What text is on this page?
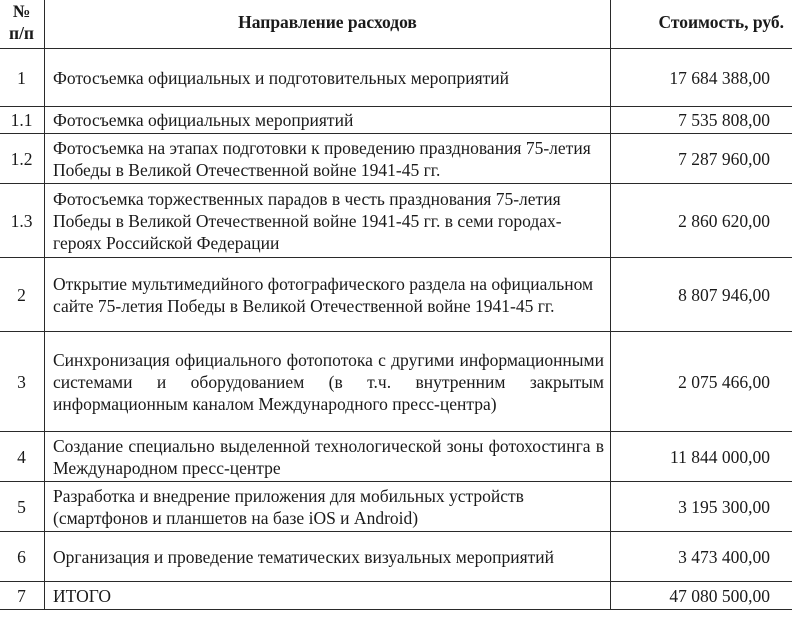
№ п/п	Направление расходов	Стоимость, руб.
1	Фотосъемка официальных и подготовительных мероприятий	17 684 388,00
1.1	Фотосъемка официальных мероприятий	7 535 808,00
1.2	Фотосъемка на этапах подготовки к проведению празднования 75-летия Победы в Великой Отечественной войне 1941-45 гг.	7 287 960,00
1.3	Фотосъемка торжественных парадов в честь празднования 75-летия Победы в Великой Отечественной войне 1941-45 гг. в семи городах-героях Российской Федерации	2 860 620,00
2	Открытие мультимедийного фотографического раздела на официальном сайте 75-летия Победы в Великой Отечественной войне 1941-45 гг.	8 807 946,00
3	Синхронизация официального фотопотока с другими информационными системами и оборудованием (в т.ч. внутренним закрытым информационным каналом Международного пресс-центра)	2 075 466,00
4	Создание специально выделенной технологической зоны фотохостинга в Международном пресс-центре	11 844 000,00
5	Разработка и внедрение приложения для мобильных устройств (смартфонов и планшетов на базе iOS и Android)	3 195 300,00
6	Организация и проведение тематических визуальных мероприятий	3 473 400,00
7	ИТОГО	47 080 500,00
